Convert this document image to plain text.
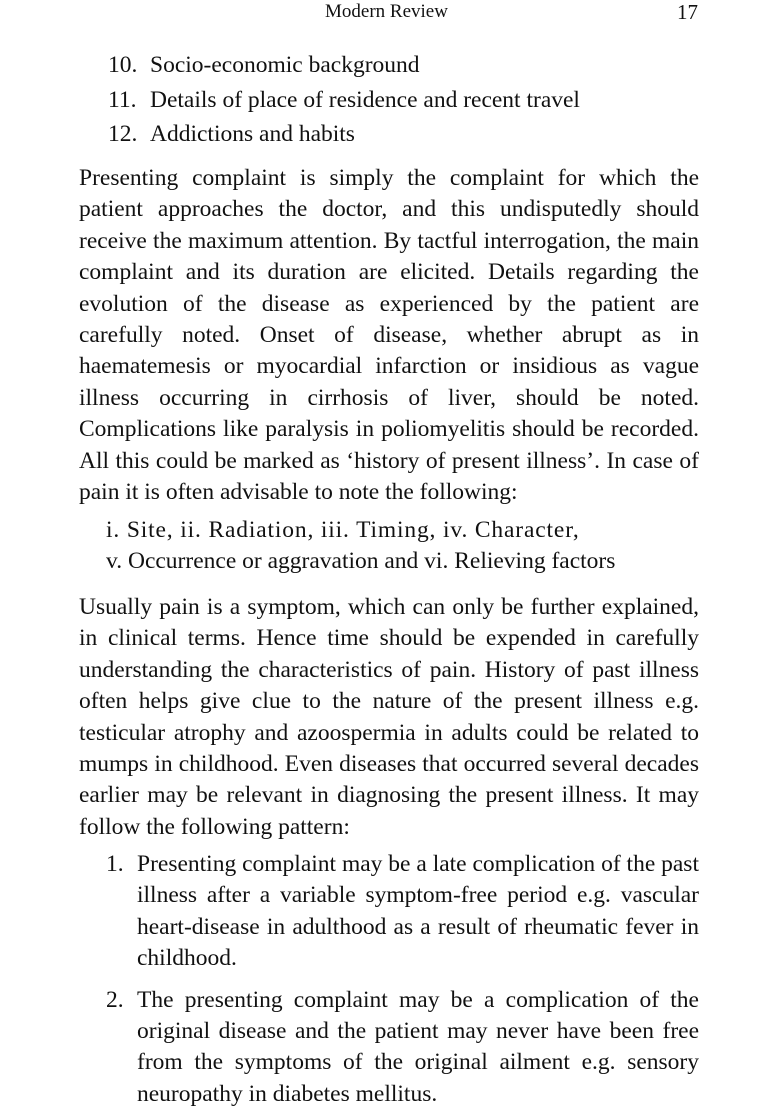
Modern Review	17
10. Socio-economic background
11. Details of place of residence and recent travel
12. Addictions and habits

Presenting complaint is simply the complaint for which the patient approaches the doctor, and this undisputedly should receive the maximum attention. By tactful interrogation, the main complaint and its duration are elicited. Details regarding the evolution of the disease as experienced by the patient are carefully noted. Onset of disease, whether abrupt as in haematemesis or myocardial infarction or insidious as vague illness occurring in cirrhosis of liver, should be noted. Complications like paralysis in poliomyelitis should be recorded. All this could be marked as ‘history of present illness’. In case of pain it is often advisable to note the following:

i. Site, ii. Radiation, iii. Timing, iv. Character,
v. Occurrence or aggravation and vi. Relieving factors

Usually pain is a symptom, which can only be further explained, in clinical terms. Hence time should be expended in carefully understanding the characteristics of pain. History of past illness often helps give clue to the nature of the present illness e.g. testicular atrophy and azoospermia in adults could be related to mumps in childhood. Even diseases that occurred several decades earlier may be relevant in diagnosing the present illness. It may follow the following pattern:

1. Presenting complaint may be a late complication of the past illness after a variable symptom-free period e.g. vascular heart-disease in adulthood as a result of rheumatic fever in childhood.
2. The presenting complaint may be a complication of the original disease and the patient may never have been free from the symptoms of the original ailment e.g. sensory neuropathy in diabetes mellitus.
